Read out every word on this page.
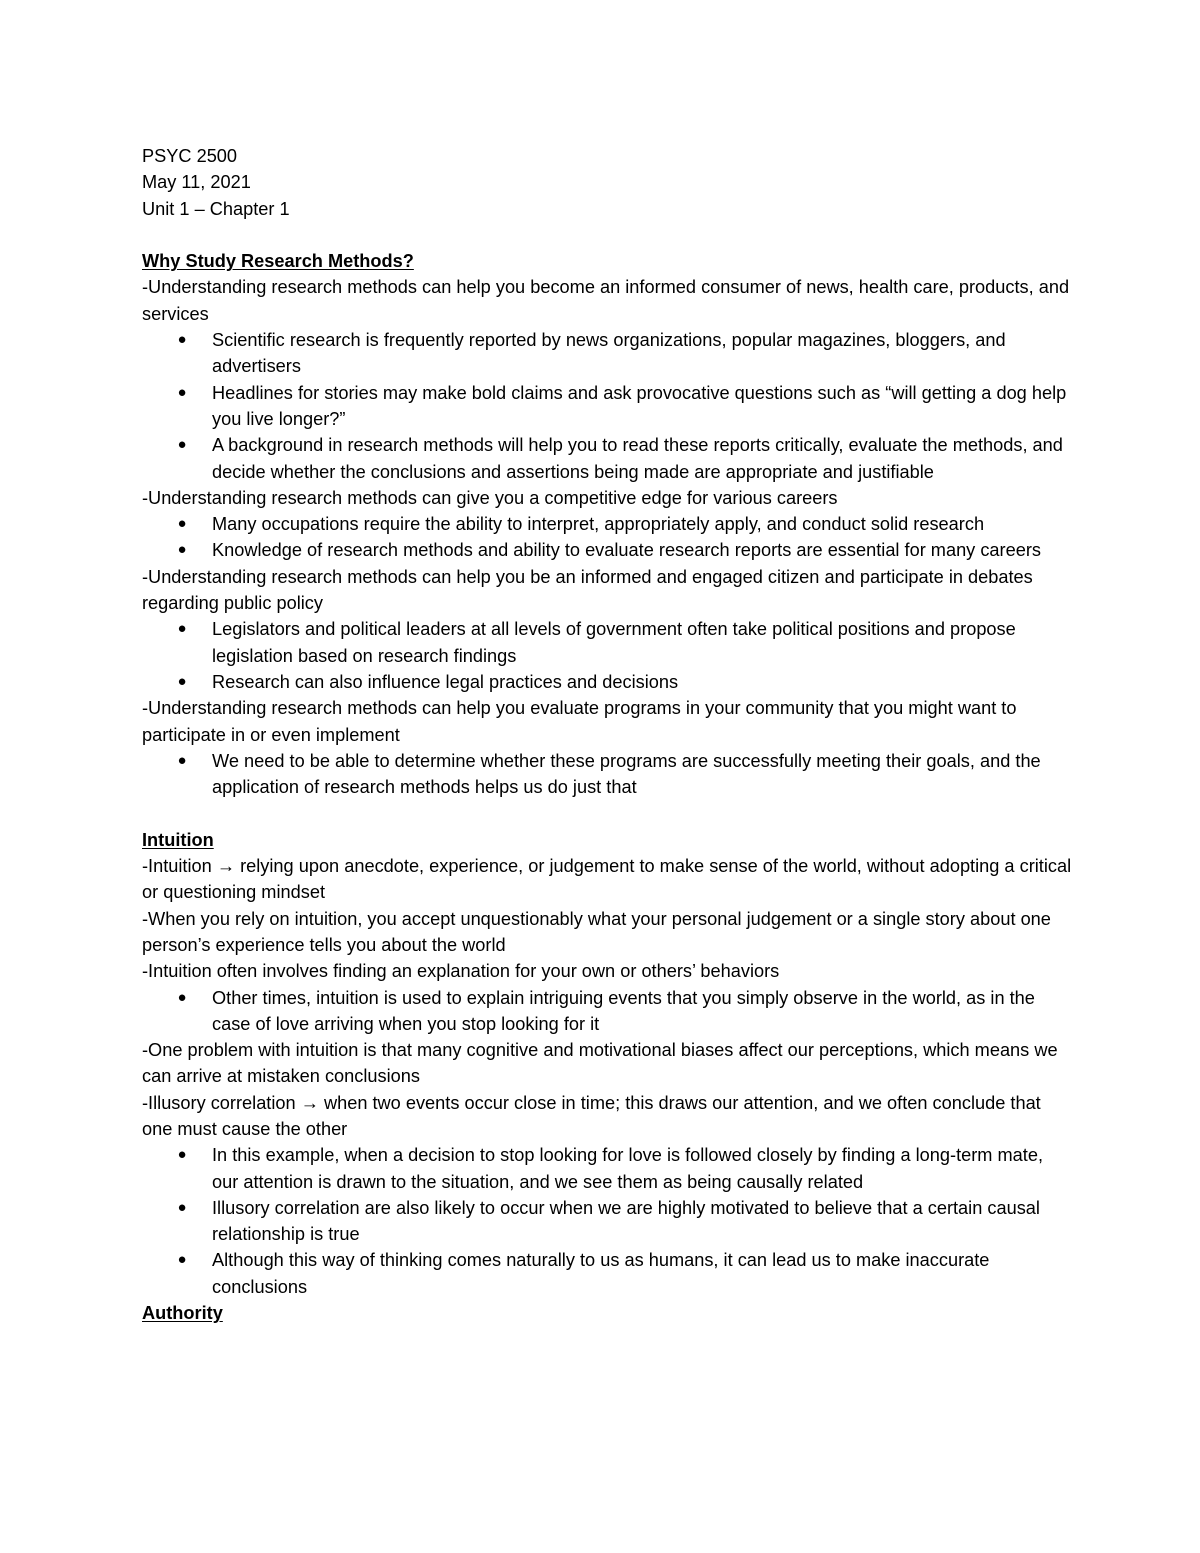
PSYC 2500

May 11, 2021

Unit 1 – Chapter 1

Why Study Research Methods?

-Understanding research methods can help you become an informed consumer of news, health care, products, and services

● Scientific research is frequently reported by news organizations, popular magazines, bloggers, and advertisers
● Headlines for stories may make bold claims and ask provocative questions such as “will getting a dog help you live longer?”
● A background in research methods will help you to read these reports critically, evaluate the methods, and decide whether the conclusions and assertions being made are appropriate and justifiable

-Understanding research methods can give you a competitive edge for various careers

● Many occupations require the ability to interpret, appropriately apply, and conduct solid research
● Knowledge of research methods and ability to evaluate research reports are essential for many careers

-Understanding research methods can help you be an informed and engaged citizen and participate in debates regarding public policy

● Legislators and political leaders at all levels of government often take political positions and propose legislation based on research findings
● Research can also influence legal practices and decisions

-Understanding research methods can help you evaluate programs in your community that you might want to participate in or even implement

● We need to be able to determine whether these programs are successfully meeting their goals, and the application of research methods helps us do just that

Intuition

-Intuition → relying upon anecdote, experience, or judgement to make sense of the world, without adopting a critical or questioning mindset

-When you rely on intuition, you accept unquestionably what your personal judgement or a single story about one person’s experience tells you about the world

-Intuition often involves finding an explanation for your own or others’ behaviors

● Other times, intuition is used to explain intriguing events that you simply observe in the world, as in the case of love arriving when you stop looking for it

-One problem with intuition is that many cognitive and motivational biases affect our perceptions, which means we can arrive at mistaken conclusions

-Illusory correlation → when two events occur close in time; this draws our attention, and we often conclude that one must cause the other

● In this example, when a decision to stop looking for love is followed closely by finding a long-term mate, our attention is drawn to the situation, and we see them as being causally related
● Illusory correlation are also likely to occur when we are highly motivated to believe that a certain causal relationship is true
● Although this way of thinking comes naturally to us as humans, it can lead us to make inaccurate conclusions

Authority
